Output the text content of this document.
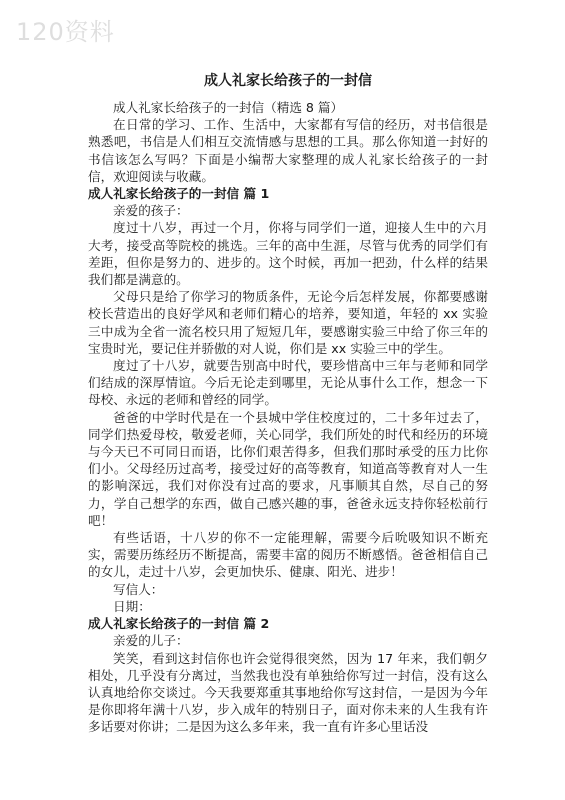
120资料
成人礼家长给孩子的一封信

成人礼家长给孩子的一封信（精选 8 篇）

在日常的学习、工作、生活中，大家都有写信的经历，对书信很是熟悉吧，书信是人们相互交流情感与思想的工具。那么你知道一封好的书信该怎么写吗？下面是小编帮大家整理的成人礼家长给孩子的一封信，欢迎阅读与收藏。

成人礼家长给孩子的一封信 篇 1

亲爱的孩子：

度过十八岁，再过一个月，你将与同学们一道，迎接人生中的六月大考，接受高等院校的挑选。三年的高中生涯，尽管与优秀的同学们有差距，但你是努力的、进步的。这个时候，再加一把劲，什么样的结果我们都是满意的。

父母只是给了你学习的物质条件，无论今后怎样发展，你都要感谢校长营造出的良好学风和老师们精心的培养，要知道，年轻的 xx 实验三中成为全省一流名校只用了短短几年，要感谢实验三中给了你三年的宝贵时光，要记住并骄傲的对人说，你们是 xx 实验三中的学生。

度过了十八岁，就要告别高中时代，要珍惜高中三年与老师和同学们结成的深厚情谊。今后无论走到哪里，无论从事什么工作，想念一下母校、永远的老师和曾经的同学。

爸爸的中学时代是在一个县城中学住校度过的，二十多年过去了，同学们热爱母校，敬爱老师，关心同学，我们所处的时代和经历的环境与今天已不可同日而语，比你们艰苦得多，但我们那时承受的压力比你们小。父母经历过高考，接受过好的高等教育，知道高等教育对人一生的影响深远，我们对你没有过高的要求，凡事顺其自然，尽自己的努力，学自己想学的东西，做自己感兴趣的事，爸爸永远支持你轻松前行吧！

有些话语，十八岁的你不一定能理解，需要今后吮吸知识不断充实，需要历练经历不断提高，需要丰富的阅历不断感悟。爸爸相信自己的女儿，走过十八岁，会更加快乐、健康、阳光、进步！

写信人：

日期：

成人礼家长给孩子的一封信 篇 2

亲爱的儿子：

笑笑，看到这封信你也许会觉得很突然，因为 17 年来，我们朝夕相处，几乎没有分离过，当然我也没有单独给你写过一封信，没有这么认真地给你交谈过。今天我要郑重其事地给你写这封信，一是因为今年是你即将年满十八岁，步入成年的特别日子，面对你未来的人生我有许多话要对你讲；二是因为这么多年来，我一直有许多心里话没
